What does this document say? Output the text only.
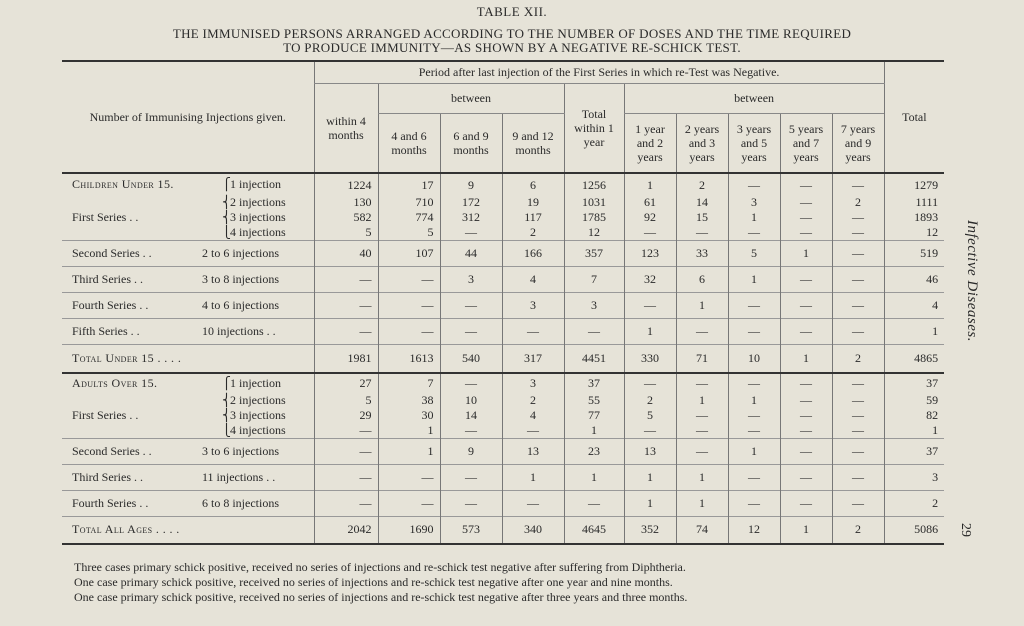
TABLE XII.
THE IMMUNISED PERSONS ARRANGED ACCORDING TO THE NUMBER OF DOSES AND THE TIME REQUIRED
TO PRODUCE IMMUNITY—AS SHOWN BY A NEGATIVE RE-SCHICK TEST.
Number of Immunising Injections given.	Period after last injection of the First Series in which re-Test was Negative.										Total
	within 4 months	between			Total within 1 year	between					
		4 and 6 months	6 and 9 months	9 and 12 months		1 year and 2 years	2 years and 3 years	3 years and 5 years	5 years and 7 years	7 years and 9 years	

Children Under 15. ⎧ 1 injection	1224	17	9	6	1256	1	2	—	—	—	1279

⎨ 2 injections	130	710	172	19	1031	61	14	3	—	2	1111

First Series . . ⎨ 3 injections	582	774	312	117	1785	92	15	1	—	—	1893

⎩ 4 injections	5	5	—	2	12	—	—	—	—	—	12

Second Series . . 2 to 6 injections	40	107	44	166	357	123	33	5	1	—	519

Third Series . . 3 to 8 injections	—	—	3	4	7	32	6	1	—	—	46

Fourth Series . . 4 to 6 injections	—	—	—	3	3	—	1	—	—	—	4

Fifth Series . . 10 injections . .	—	—	—	—	—	1	—	—	—	—	1
Total Under 15 . . . .	1981	1613	540	317	4451	330	71	10	1	2	4865

Adults Over 15. ⎧ 1 injection	27	7	—	3	37	—	—	—	—	—	37

⎨ 2 injections	5	38	10	2	55	2	1	1	—	—	59

First Series . . ⎨ 3 injections	29	30	14	4	77	5	—	—	—	—	82

⎩ 4 injections	—	1	—	—	1	—	—	—	—	—	1

Second Series . . 3 to 6 injections	—	1	9	13	23	13	—	1	—	—	37

Third Series . . 11 injections . .	—	—	—	1	1	1	1	—	—	—	3

Fourth Series . . 6 to 8 injections	—	—	—	—	—	1	1	—	—	—	2
Total All Ages . . . .	2042	1690	573	340	4645	352	74	12	1	2	5086
Three cases primary schick positive, received no series of injections and re-schick test negative after suffering from Diphtheria.
One case primary schick positive, received no series of injections and re-schick test negative after one year and nine months.
One case primary schick positive, received no series of injections and re-schick test negative after three years and three months.
Infective Diseases.
29
